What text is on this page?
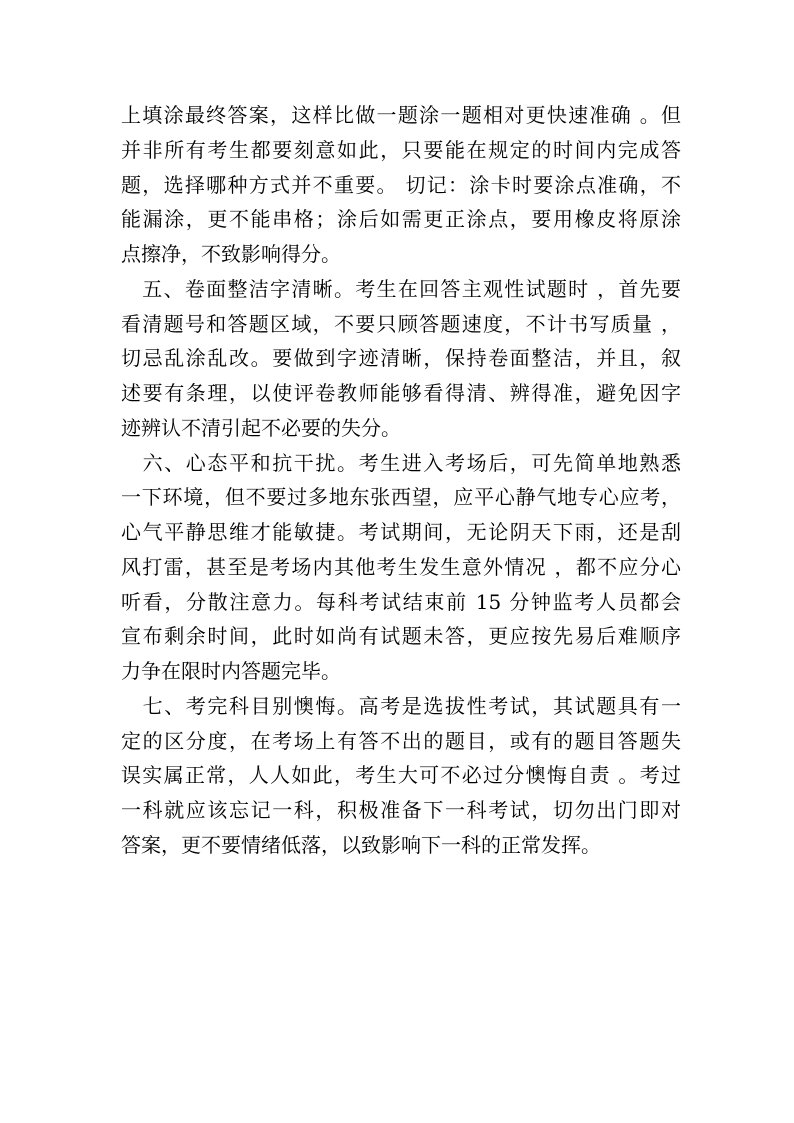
上填涂最终答案，这样比做一题涂一题相对更快速准确 。但
并非所有考生都要刻意如此，只要能在规定的时间内完成答
题，选择哪种方式并不重要。 切记：涂卡时要涂点准确，不
能漏涂，更不能串格；涂后如需更正涂点，要用橡皮将原涂
点擦净，不致影响得分。
　五、卷面整洁字清晰。考生在回答主观性试题时 ，首先要
看清题号和答题区域，不要只顾答题速度，不计书写质量 ，
切忌乱涂乱改。要做到字迹清晰，保持卷面整洁，并且，叙
述要有条理，以使评卷教师能够看得清、辨得准，避免因字
迹辨认不清引起不必要的失分。
　六、心态平和抗干扰。考生进入考场后，可先简单地熟悉
一下环境，但不要过多地东张西望，应平心静气地专心应考，
心气平静思维才能敏捷。考试期间，无论阴天下雨，还是刮
风打雷，甚至是考场内其他考生发生意外情况 ，都不应分心
听看，分散注意力。每科考试结束前 15 分钟监考人员都会
宣布剩余时间，此时如尚有试题未答，更应按先易后难顺序
力争在限时内答题完毕。
　七、考完科目别懊悔。高考是选拔性考试，其试题具有一
定的区分度，在考场上有答不出的题目，或有的题目答题失
误实属正常，人人如此，考生大可不必过分懊悔自责 。考过
一科就应该忘记一科，积极准备下一科考试，切勿出门即对
答案，更不要情绪低落，以致影响下一科的正常发挥。
